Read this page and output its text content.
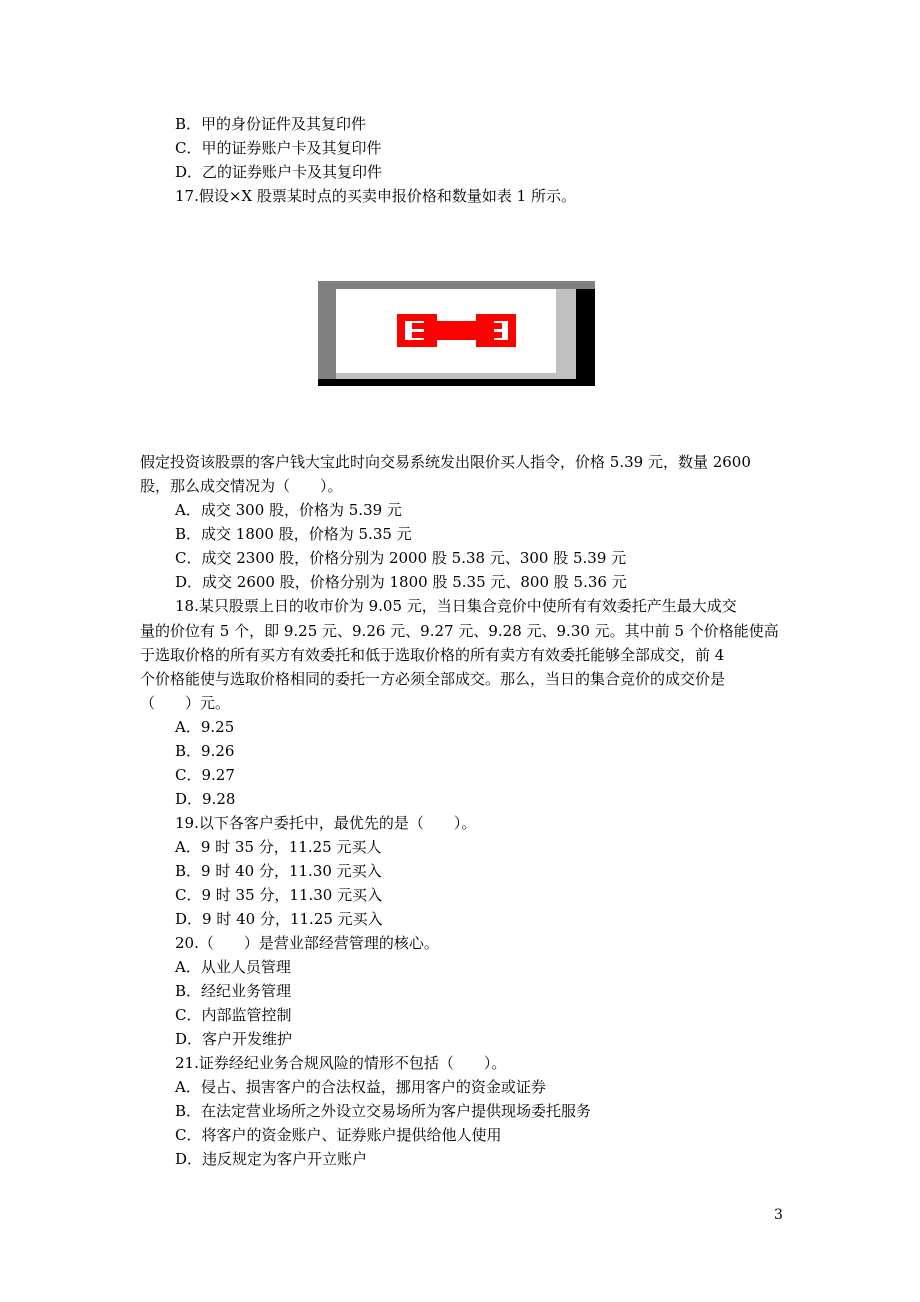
B．甲的身份证件及其复印件
C．甲的证券账户卡及其复印件
D．乙的证券账户卡及其复印件
17.假设×X 股票某时点的买卖申报价格和数量如表 1 所示。
假定投资该股票的客户钱大宝此时向交易系统发出限价买人指令，价格 5.39 元，数量 2600
股，那么成交情况为（　　）。
A．成交 300 股，价格为 5.39 元
B．成交 1800 股，价格为 5.35 元
C．成交 2300 股，价格分别为 2000 股 5.38 元、300 股 5.39 元
D．成交 2600 股，价格分别为 1800 股 5.35 元、800 股 5.36 元
18.某只股票上日的收市价为 9.05 元，当日集合竞价中使所有有效委托产生最大成交
量的价位有 5 个，即 9.25 元、9.26 元、9.27 元、9.28 元、9.30 元。其中前 5 个价格能使高
于选取价格的所有买方有效委托和低于选取价格的所有卖方有效委托能够全部成交，前 4
个价格能使与选取价格相同的委托一方必须全部成交。那么，当日的集合竞价的成交价是
（　　）元。
A．9.25
B．9.26
C．9.27
D．9.28
19.以下各客户委托中，最优先的是（　　）。
A．9 时 35 分，11.25 元买人
B．9 时 40 分，11.30 元买入
C．9 时 35 分，11.30 元买入
D．9 时 40 分，11.25 元买入
20.（　　）是营业部经营管理的核心。
A．从业人员管理
B．经纪业务管理
C．内部监管控制
D．客户开发维护
21.证券经纪业务合规风险的情形不包括（　　）。
A．侵占、损害客户的合法权益，挪用客户的资金或证券
B．在法定营业场所之外设立交易场所为客户提供现场委托服务
C．将客户的资金账户、证券账户提供给他人使用
D．违反规定为客户开立账户
3
